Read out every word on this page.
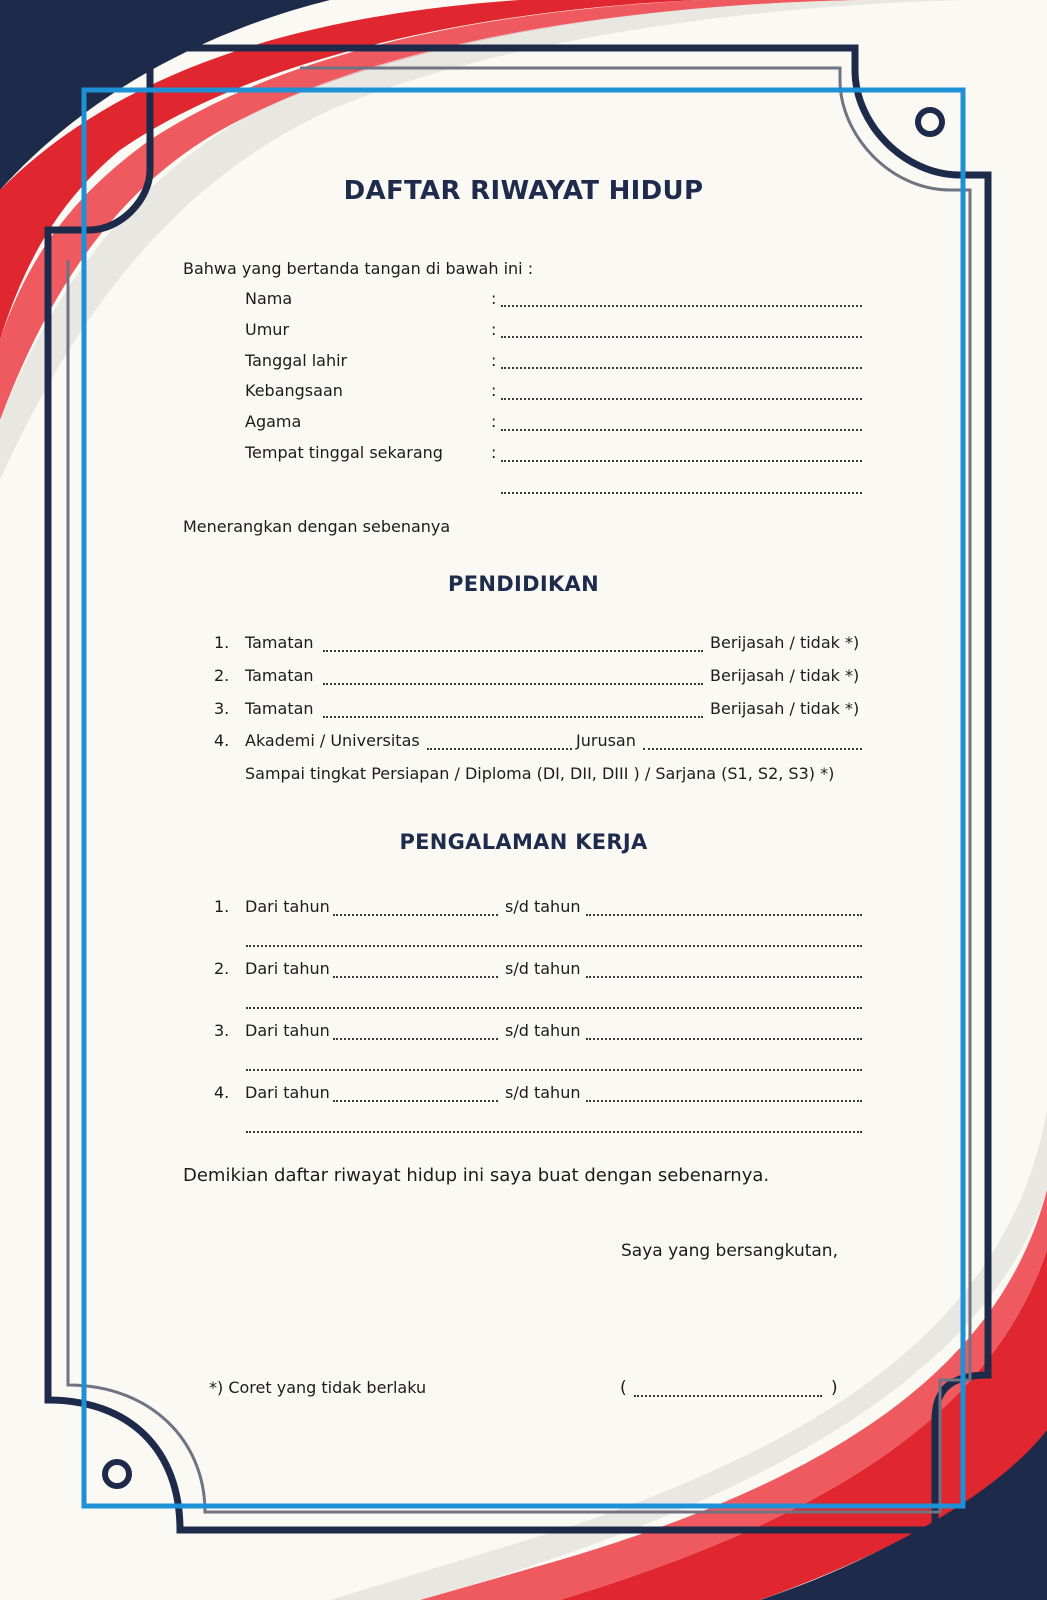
DAFTAR RIWAYAT HIDUP
Bahwa yang bertanda tangan di bawah ini :
Nama	:
Umur	:
Tanggal lahir	:
Kebangsaan	:
Agama	:
Tempat tinggal sekarang	:
Menerangkan dengan sebenanya
PENDIDIKAN
1. Tamatan	Berijasah / tidak *)
2. Tamatan	Berijasah / tidak *)
3. Tamatan	Berijasah / tidak *)
4. Akademi / Universitas	Jurusan
Sampai tingkat Persiapan / Diploma (DI, DII, DIII ) / Sarjana (S1, S2, S3) *)
PENGALAMAN KERJA
1. Dari tahun	s/d tahun
2. Dari tahun	s/d tahun
3. Dari tahun	s/d tahun
4. Dari tahun	s/d tahun
Demikian daftar riwayat hidup ini saya buat dengan sebenarnya.
Saya yang bersangkutan,
*) Coret yang tidak berlaku	(	)
